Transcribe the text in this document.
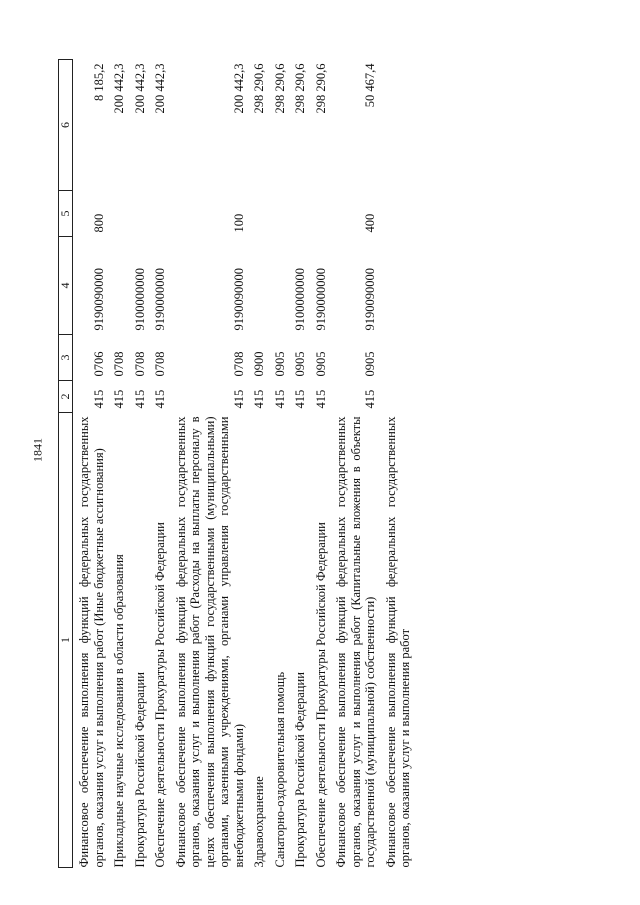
1841
1	2	3	4	5	6
Финансовое обеспечение выполнения функций федеральных государственных органов, оказания услуг и выполнения работ (Иные бюджетные ассигнования)	415	0706	9190090000	800	8 185,2
Прикладные научные исследования в области образования	415	0708			200 442,3
Прокуратура Российской Федерации	415	0708	9100000000		200 442,3
Обеспечение деятельности Прокуратуры Российской Федерации	415	0708	9190000000		200 442,3
Финансовое обеспечение выполнения функций федеральных государственных органов, оказания услуг и выполнения работ (Расходы на выплаты персоналу в целях обеспечения выполнения функций государственными (муниципальными) органами, казенными учреждениями, органами управления государственными внебюджетными фондами)	415	0708	9190090000	100	200 442,3
Здравоохранение	415	0900			298 290,6
Санаторно-оздоровительная помощь	415	0905			298 290,6
Прокуратура Российской Федерации	415	0905	9100000000		298 290,6
Обеспечение деятельности Прокуратуры Российской Федерации	415	0905	9190000000		298 290,6
Финансовое обеспечение выполнения функций федеральных государственных органов, оказания услуг и выполнения работ (Капитальные вложения в объекты государственной (муниципальной) собственности)	415	0905	9190090000	400	50 467,4
Финансовое обеспечение выполнения функций федеральных государственных органов, оказания услуг и выполнения работ					
